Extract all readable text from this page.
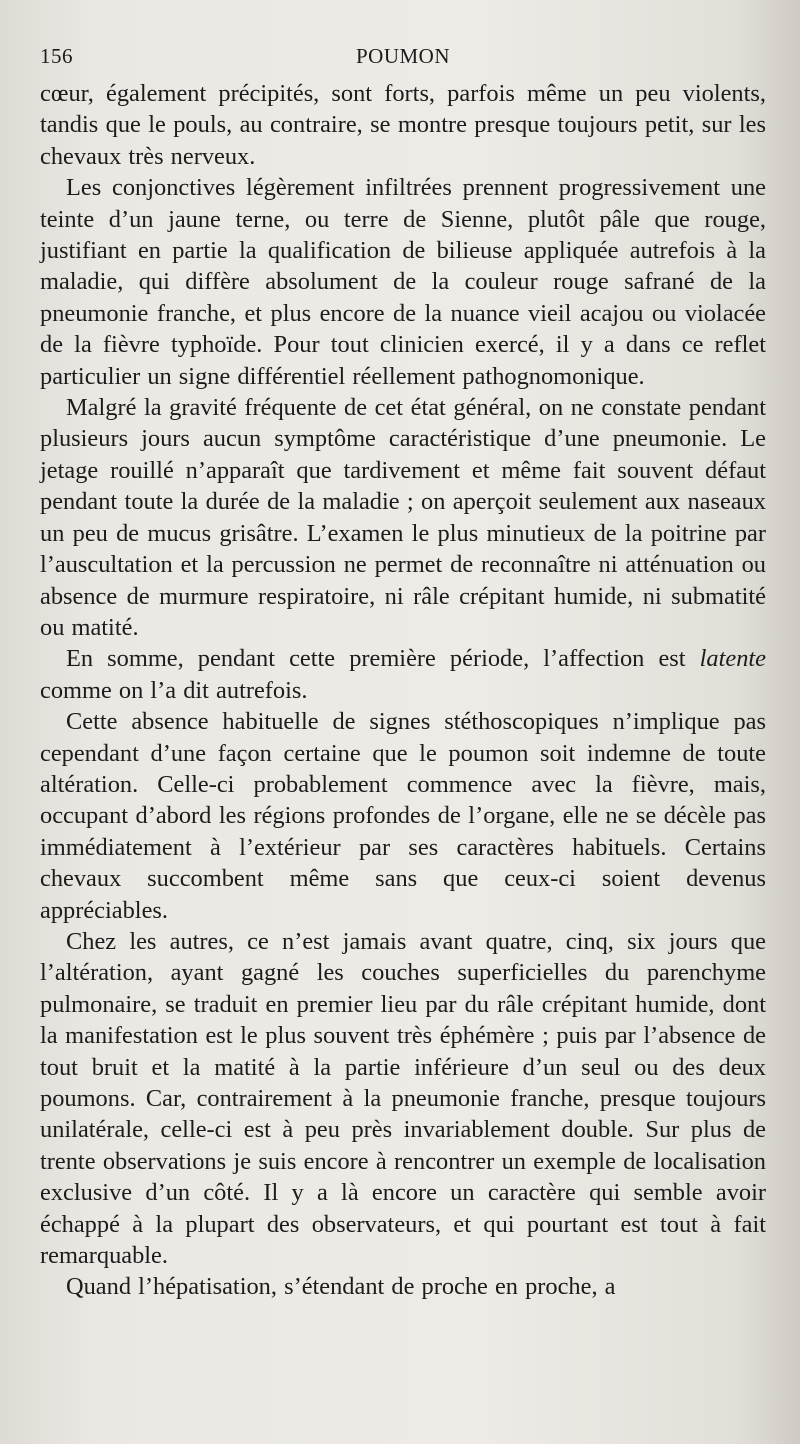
156	POUMON

cœur, également précipités, sont forts, parfois même un peu violents, tandis que le pouls, au contraire, se montre presque toujours petit, sur les chevaux très nerveux.

Les conjonctives légèrement infiltrées prennent progressivement une teinte d’un jaune terne, ou terre de Sienne, plutôt pâle que rouge, justifiant en partie la qualification de bilieuse appliquée autrefois à la maladie, qui diffère absolument de la couleur rouge safrané de la pneumonie franche, et plus encore de la nuance vieil acajou ou violacée de la fièvre typhoïde. Pour tout clinicien exercé, il y a dans ce reflet particulier un signe différentiel réellement pathognomonique.

Malgré la gravité fréquente de cet état général, on ne constate pendant plusieurs jours aucun symptôme caractéristique d’une pneumonie. Le jetage rouillé n’apparaît que tardivement et même fait souvent défaut pendant toute la durée de la maladie ; on aperçoit seulement aux naseaux un peu de mucus grisâtre. L’examen le plus minutieux de la poitrine par l’auscultation et la percussion ne permet de reconnaître ni atténuation ou absence de murmure respiratoire, ni râle crépitant humide, ni submatité ou matité.

En somme, pendant cette première période, l’affection est latente comme on l’a dit autrefois.

Cette absence habituelle de signes stéthoscopiques n’implique pas cependant d’une façon certaine que le poumon soit indemne de toute altération. Celle-ci probablement commence avec la fièvre, mais, occupant d’abord les régions profondes de l’organe, elle ne se décèle pas immédiatement à l’extérieur par ses caractères habituels. Certains chevaux succombent même sans que ceux-ci soient devenus appréciables.

Chez les autres, ce n’est jamais avant quatre, cinq, six jours que l’altération, ayant gagné les couches superficielles du parenchyme pulmonaire, se traduit en premier lieu par du râle crépitant humide, dont la manifestation est le plus souvent très éphémère ; puis par l’absence de tout bruit et la matité à la partie inférieure d’un seul ou des deux poumons. Car, contrairement à la pneumonie franche, presque toujours unilatérale, celle-ci est à peu près invariablement double. Sur plus de trente observations je suis encore à rencontrer un exemple de localisation exclusive d’un côté. Il y a là encore un caractère qui semble avoir échappé à la plupart des observateurs, et qui pourtant est tout à fait remarquable.

Quand l’hépatisation, s’étendant de proche en proche, a
